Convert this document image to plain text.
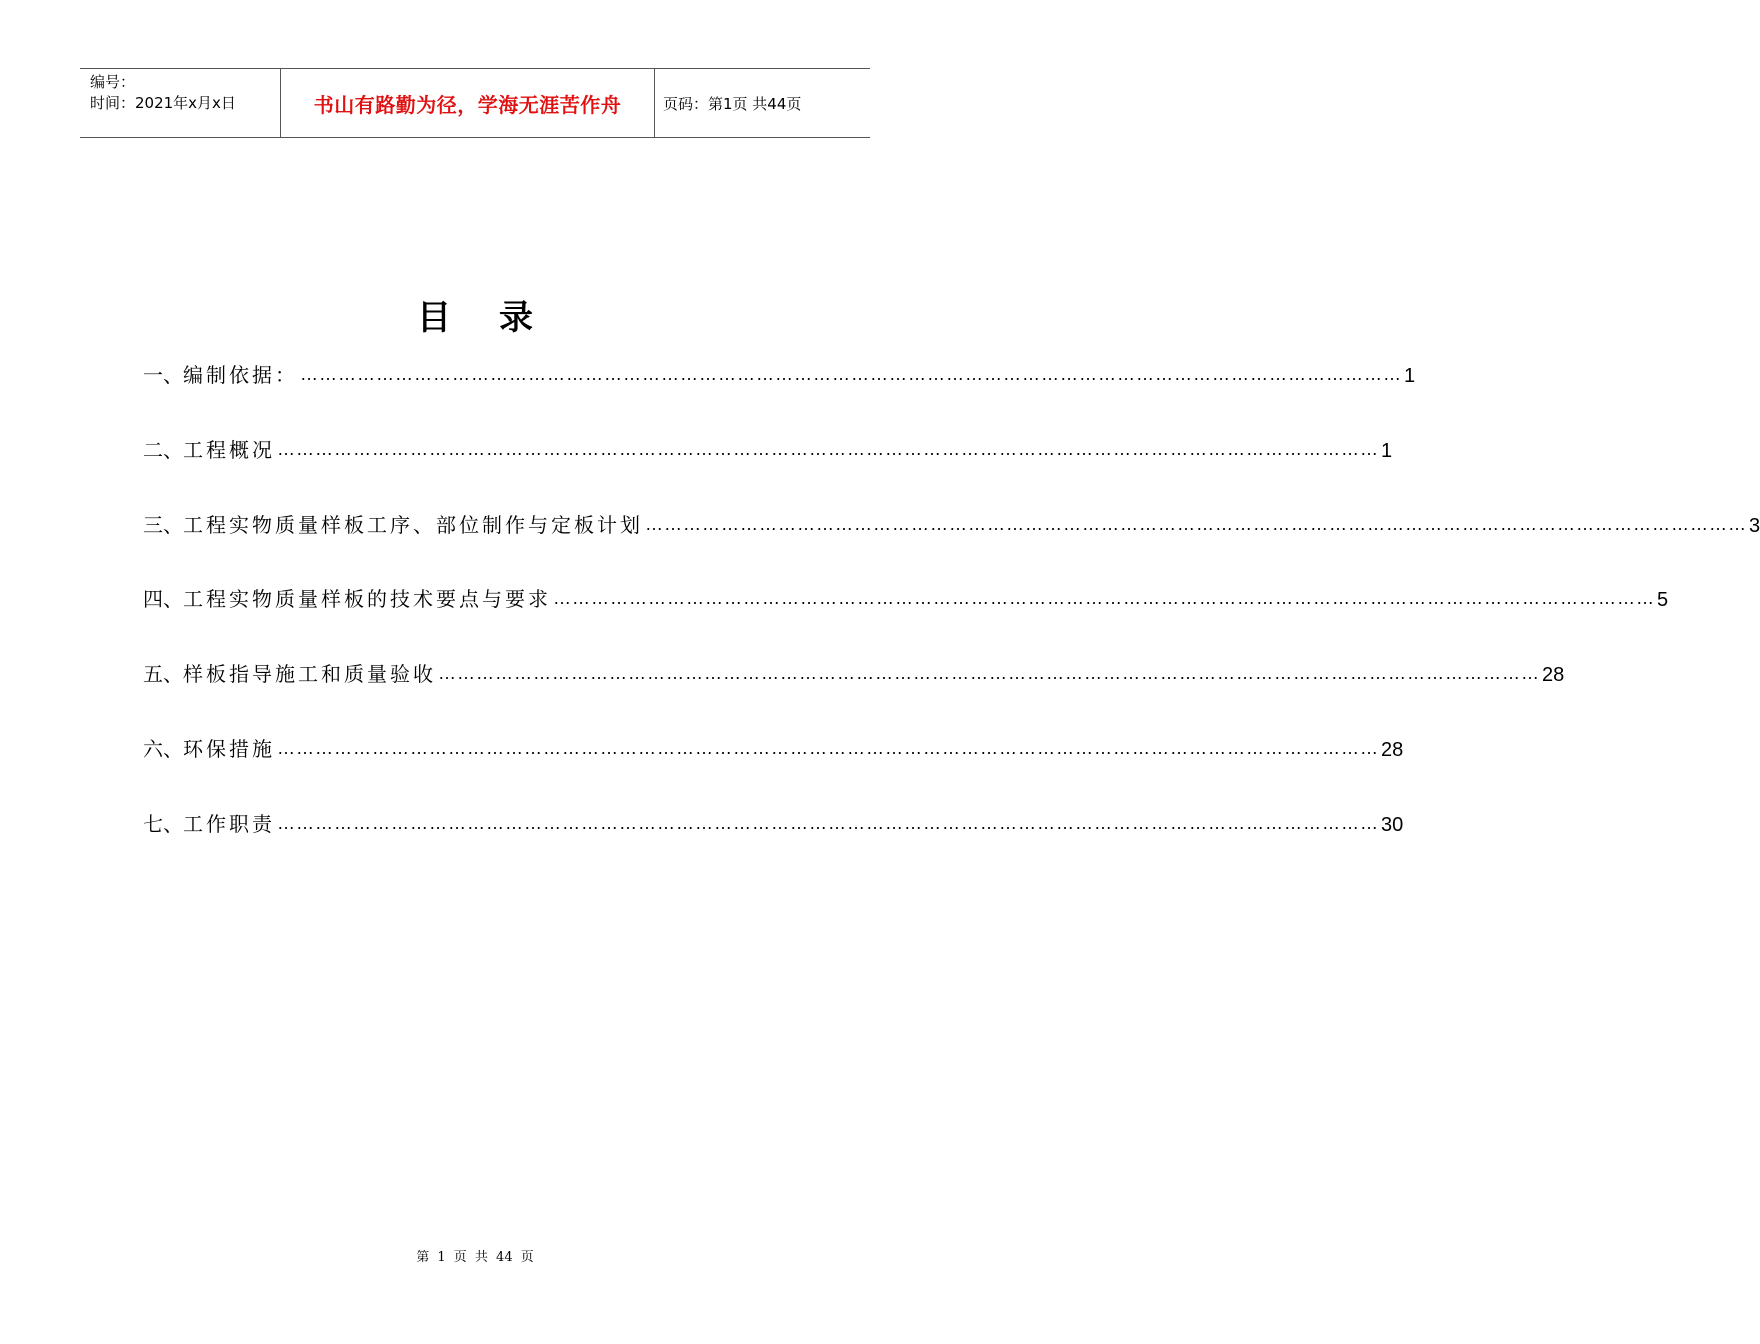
编号：
时间：2021年x月x日	书山有路勤为径，学海无涯苦作舟	页码：第1页 共44页
目录
一、 编制依据： ………………………………………………………………………………………………………………………………………………………… 1
二、 工程概况 ………………………………………………………………………………………………………………………………………………………… 1
三、 工程实物质量样板工序、部位制作与定板计划 ………………………………………………………………………………………………………………………………………………………… 3
四、 工程实物质量样板的技术要点与要求 ………………………………………………………………………………………………………………………………………………………… 5
五、 样板指导施工和质量验收 ………………………………………………………………………………………………………………………………………………………… 28
六、 环保措施 ………………………………………………………………………………………………………………………………………………………… 28
七、 工作职责 ………………………………………………………………………………………………………………………………………………………… 30
第 1 页 共 44 页
